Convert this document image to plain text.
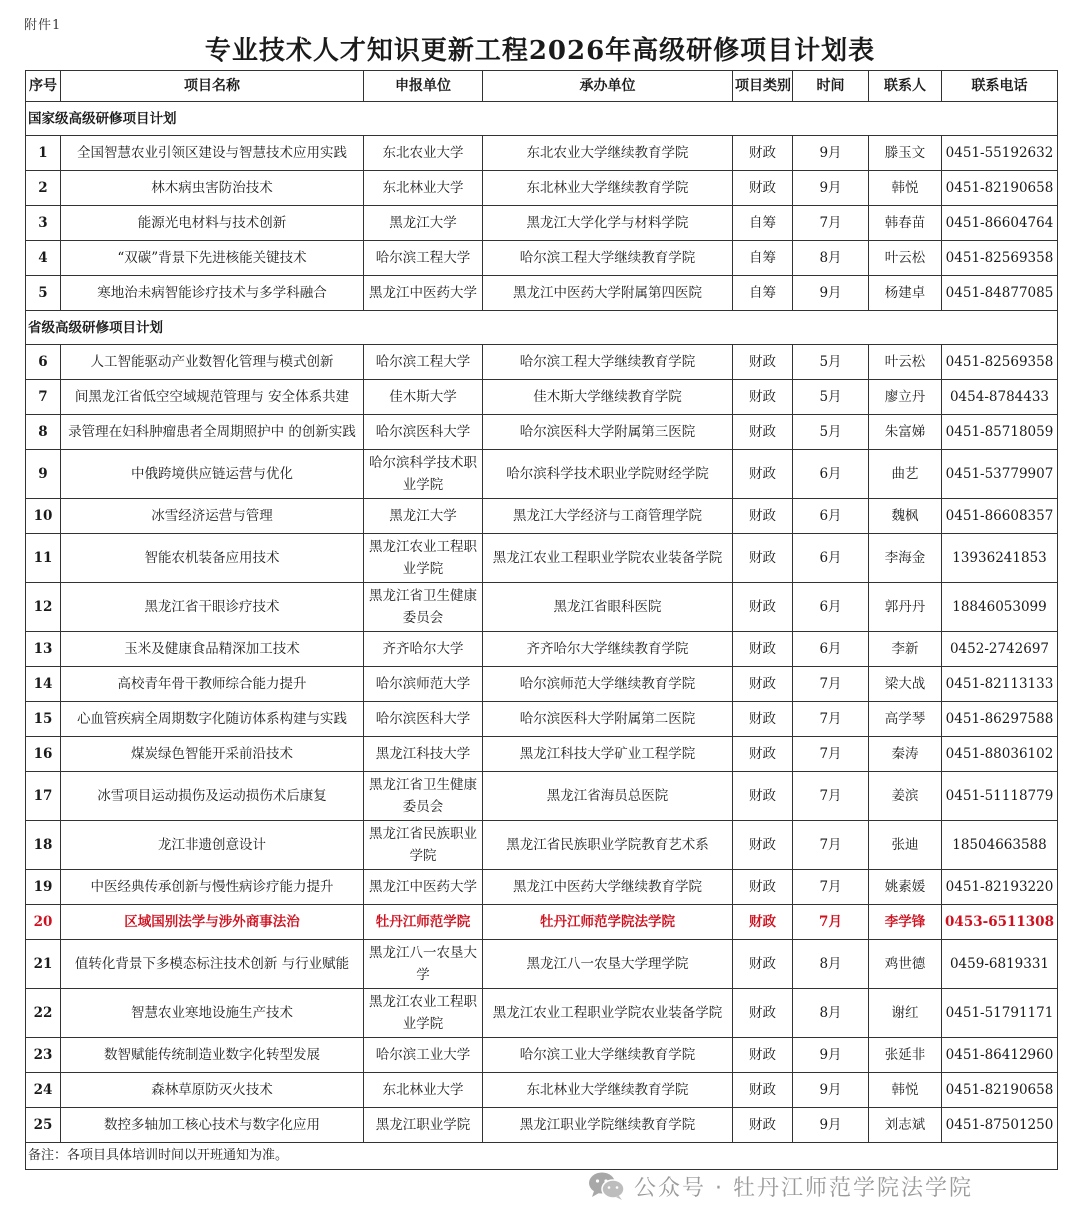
附件1
专业技术人才知识更新工程2026年高级研修项目计划表
序号	项目名称	申报单位	承办单位	项目类别	时间	联系人	联系电话
国家级高级研修项目计划							
1	全国智慧农业引领区建设与智慧技术应用实践	东北农业大学	东北农业大学继续教育学院	财政	9月	滕玉文	0451-55192632
2	林木病虫害防治技术	东北林业大学	东北林业大学继续教育学院	财政	9月	韩悦	0451-82190658
3	能源光电材料与技术创新	黑龙江大学	黑龙江大学化学与材料学院	自筹	7月	韩春苗	0451-86604764
4	“双碳”背景下先进核能关键技术	哈尔滨工程大学	哈尔滨工程大学继续教育学院	自筹	8月	叶云松	0451-82569358
5	寒地治未病智能诊疗技术与多学科融合	黑龙江中医药大学	黑龙江中医药大学附属第四医院	自筹	9月	杨建卓	0451-84877085
省级高级研修项目计划							
6	人工智能驱动产业数智化管理与模式创新	哈尔滨工程大学	哈尔滨工程大学继续教育学院	财政	5月	叶云松	0451-82569358
7	间黑龙江省低空空域规范管理与 安全体系共建	佳木斯大学	佳木斯大学继续教育学院	财政	5月	廖立丹	0454-8784433
8	录管理在妇科肿瘤患者全周期照护中 的创新实践	哈尔滨医科大学	哈尔滨医科大学附属第三医院	财政	5月	朱富娣	0451-85718059
9	中俄跨境供应链运营与优化	哈尔滨科学技术职业学院	哈尔滨科学技术职业学院财经学院	财政	6月	曲艺	0451-53779907
10	冰雪经济运营与管理	黑龙江大学	黑龙江大学经济与工商管理学院	财政	6月	魏枫	0451-86608357
11	智能农机装备应用技术	黑龙江农业工程职业学院	黑龙江农业工程职业学院农业装备学院	财政	6月	李海金	13936241853
12	黑龙江省干眼诊疗技术	黑龙江省卫生健康委员会	黑龙江省眼科医院	财政	6月	郭丹丹	18846053099
13	玉米及健康食品精深加工技术	齐齐哈尔大学	齐齐哈尔大学继续教育学院	财政	6月	李新	0452-2742697
14	高校青年骨干教师综合能力提升	哈尔滨师范大学	哈尔滨师范大学继续教育学院	财政	7月	梁大战	0451-82113133
15	心血管疾病全周期数字化随访体系构建与实践	哈尔滨医科大学	哈尔滨医科大学附属第二医院	财政	7月	高学琴	0451-86297588
16	煤炭绿色智能开采前沿技术	黑龙江科技大学	黑龙江科技大学矿业工程学院	财政	7月	秦涛	0451-88036102
17	冰雪项目运动损伤及运动损伤术后康复	黑龙江省卫生健康委员会	黑龙江省海员总医院	财政	7月	姜滨	0451-51118779
18	龙江非遗创意设计	黑龙江省民族职业学院	黑龙江省民族职业学院教育艺术系	财政	7月	张迪	18504663588
19	中医经典传承创新与慢性病诊疗能力提升	黑龙江中医药大学	黑龙江中医药大学继续教育学院	财政	7月	姚素媛	0451-82193220
20	区域国别法学与涉外商事法治	牡丹江师范学院	牡丹江师范学院法学院	财政	7月	李学锋	0453-6511308
21	值转化背景下多模态标注技术创新 与行业赋能	黑龙江八一农垦大学	黑龙江八一农垦大学理学院	财政	8月	鸡世德	0459-6819331
22	智慧农业寒地设施生产技术	黑龙江农业工程职业学院	黑龙江农业工程职业学院农业装备学院	财政	8月	谢红	0451-51791171
23	数智赋能传统制造业数字化转型发展	哈尔滨工业大学	哈尔滨工业大学继续教育学院	财政	9月	张延非	0451-86412960
24	森林草原防灭火技术	东北林业大学	东北林业大学继续教育学院	财政	9月	韩悦	0451-82190658
25	数控多轴加工核心技术与数字化应用	黑龙江职业学院	黑龙江职业学院继续教育学院	财政	9月	刘志斌	0451-87501250
备注：各项目具体培训时间以开班通知为准。							
公众号 · 牡丹江师范学院法学院
